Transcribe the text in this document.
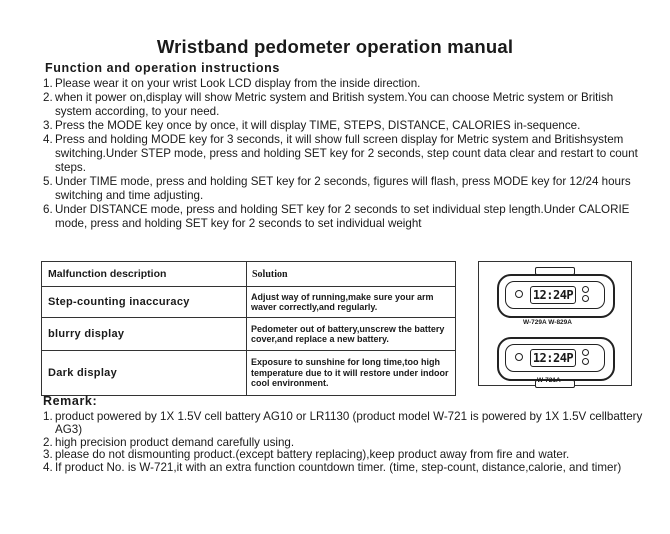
Wristband pedometer operation manual
Function and operation instructions
1. Please wear it on your wrist Look LCD display from the inside direction.
2. when it power on,display will show Metric system and British system.You can choose Metric system or British system according, to your need.
3. Press the MODE key once by once, it will display TIME, STEPS, DISTANCE, CALORIES in-sequence.
4. Press and holding MODE key for 3 seconds, it will show full screen display for Metric system and Britishsystem switching.Under STEP mode, press and holding SET key for 2 seconds, step count data clear and restart to count steps.
5. Under TIME mode, press and holding SET key for 2 seconds, figures will flash, press MODE key for 12/24 hours switching and time adjusting.
6. Under DISTANCE mode, press and holding SET key for 2 seconds to set individual step length.Under CALORIE mode, press and holding SET key for 2 seconds to set individual weight
Malfunction description	Solution
Step-counting inaccuracy	Adjust way of running,make sure your arm waver correctly,and regularly.
blurry display	Pedometer out of battery,unscrew the battery cover,and replace a new battery.
Dark display	Exposure to sunshine for long time,too high temperature due to it will restore under indoor cool environment.
12:24P
W-729A W-829A
12:24P
W-721A
Remark:
1. product powered by 1X 1.5V cell battery AG10 or LR1130 (product model W-721 is powered by 1X 1.5V cellbattery AG3)
2. high precision product demand carefully using.
3. please do not dismounting product.(except battery replacing),keep product away from fire and water.
4. If product No. is W-721,it with an extra function countdown timer. (time, step-count, distance,calorie, and timer)
